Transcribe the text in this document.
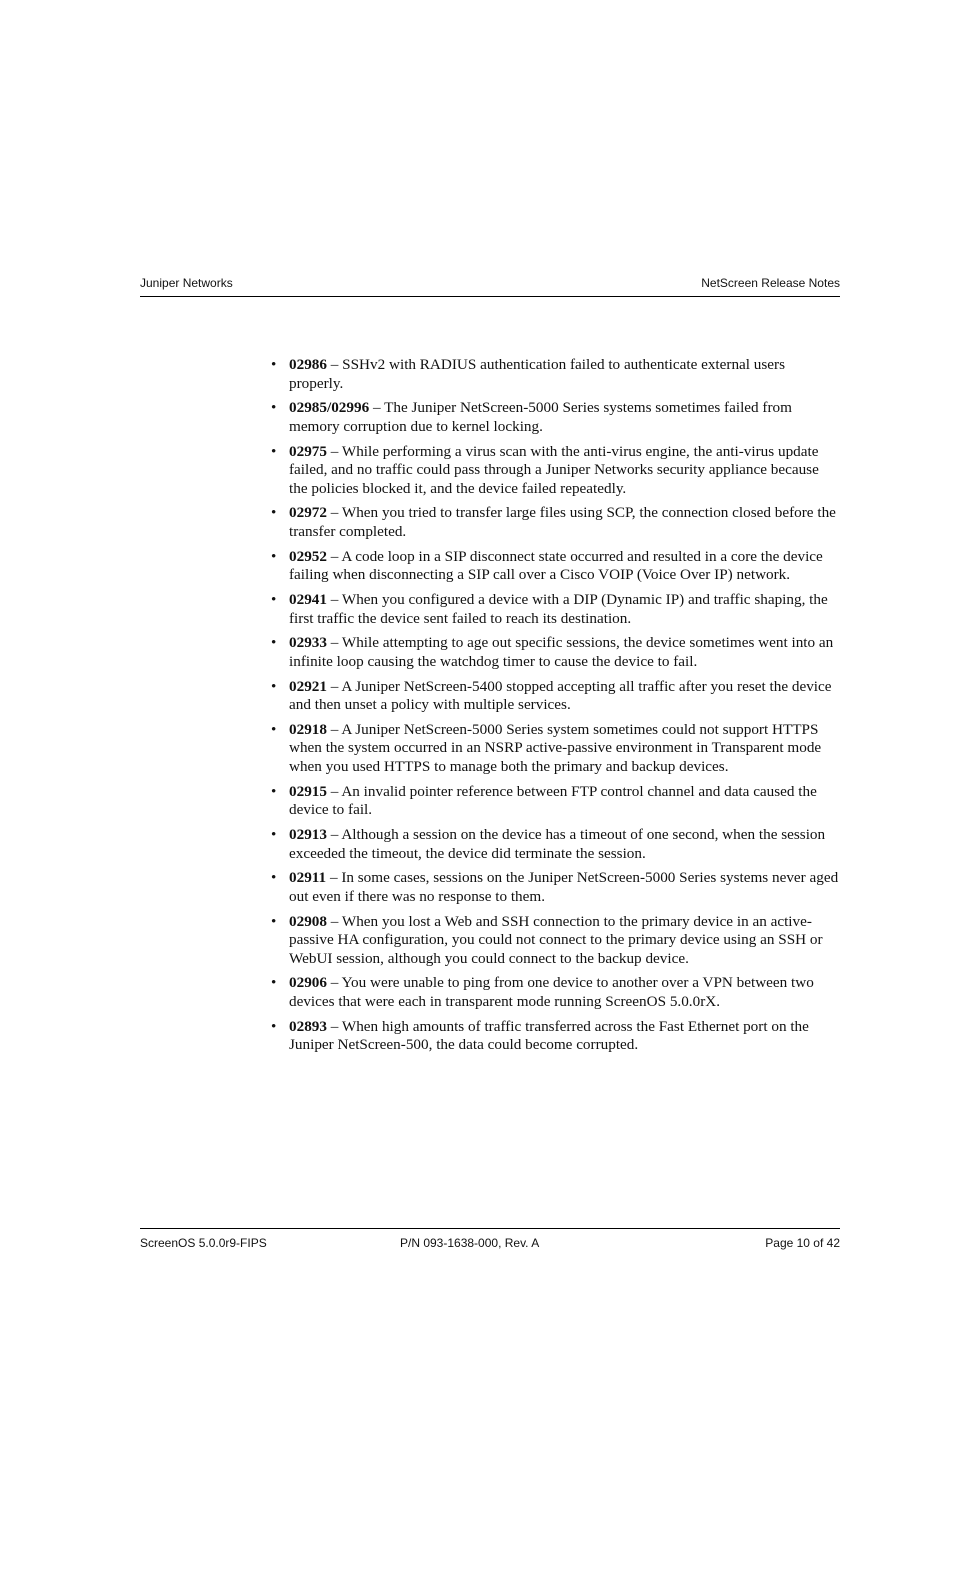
Juniper Networks	NetScreen Release Notes
• 02986 – SSHv2 with RADIUS authentication failed to authenticate external users properly.
• 02985/02996 – The Juniper NetScreen-5000 Series systems sometimes failed from memory corruption due to kernel locking.
• 02975 – While performing a virus scan with the anti-virus engine, the anti-virus update failed, and no traffic could pass through a Juniper Networks security appliance because the policies blocked it, and the device failed repeatedly.
• 02972 – When you tried to transfer large files using SCP, the connection closed before the transfer completed.
• 02952 – A code loop in a SIP disconnect state occurred and resulted in a core the device failing when disconnecting a SIP call over a Cisco VOIP (Voice Over IP) network.
• 02941 – When you configured a device with a DIP (Dynamic IP) and traffic shaping, the first traffic the device sent failed to reach its destination.
• 02933 – While attempting to age out specific sessions, the device sometimes went into an infinite loop causing the watchdog timer to cause the device to fail.
• 02921 – A Juniper NetScreen-5400 stopped accepting all traffic after you reset the device and then unset a policy with multiple services.
• 02918 – A Juniper NetScreen-5000 Series system sometimes could not support HTTPS when the system occurred in an NSRP active-passive environment in Transparent mode when you used HTTPS to manage both the primary and backup devices.
• 02915 – An invalid pointer reference between FTP control channel and data caused the device to fail.
• 02913 – Although a session on the device has a timeout of one second, when the session exceeded the timeout, the device did terminate the session.
• 02911 – In some cases, sessions on the Juniper NetScreen-5000 Series systems never aged out even if there was no response to them.
• 02908 – When you lost a Web and SSH connection to the primary device in an active-passive HA configuration, you could not connect to the primary device using an SSH or WebUI session, although you could connect to the backup device.
• 02906 – You were unable to ping from one device to another over a VPN between two devices that were each in transparent mode running ScreenOS 5.0.0rX.
• 02893 – When high amounts of traffic transferred across the Fast Ethernet port on the Juniper NetScreen-500, the data could become corrupted.
ScreenOS 5.0.0r9-FIPS	P/N 093-1638-000, Rev. A	Page 10 of 42
